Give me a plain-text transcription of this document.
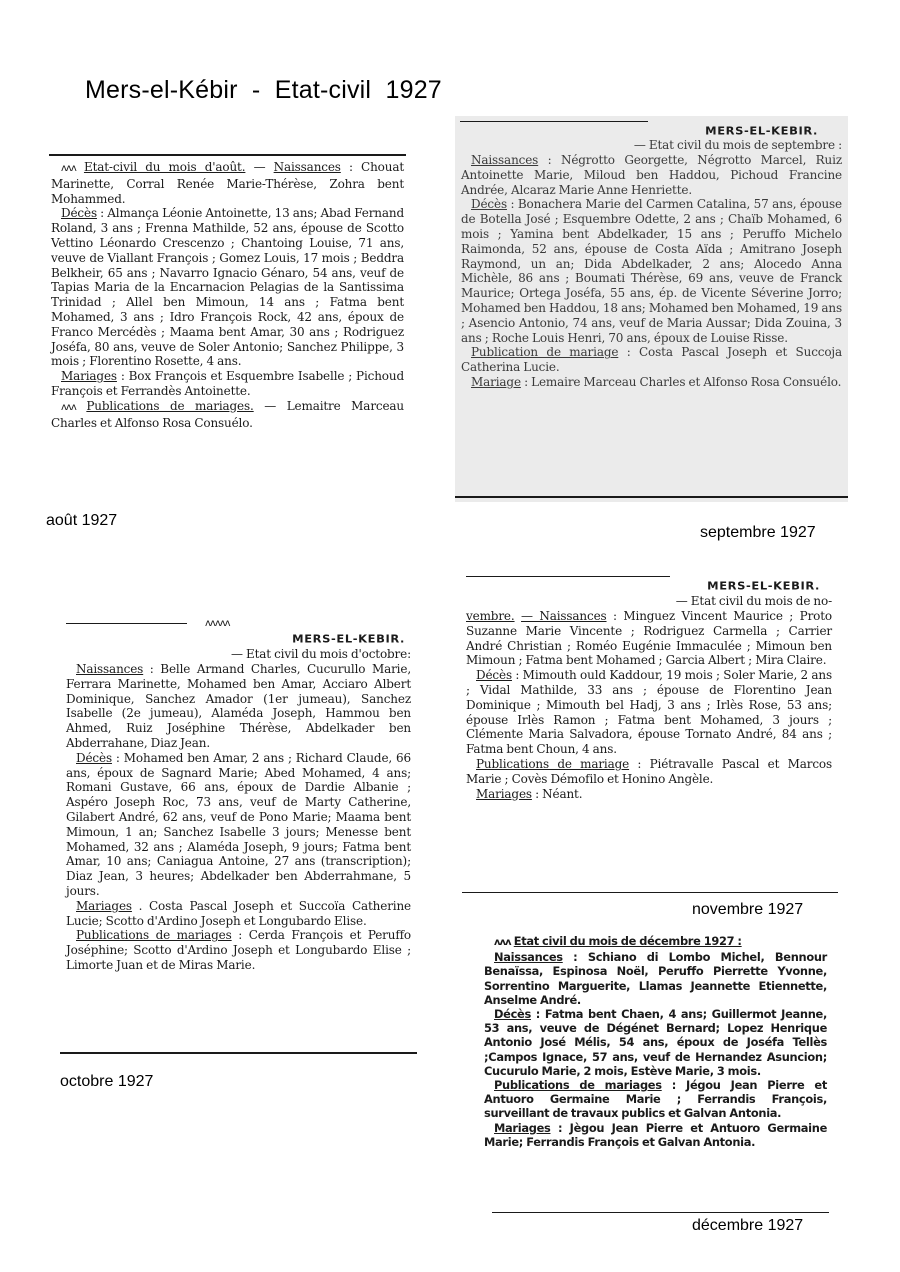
Mers-el-Kébir  -  Etat-civil  1927

ʌʌʌ Etat-civil du mois d'août. — Naissances : Chouat Marinette, Corral Renée Marie-Thérèse, Zohra bent Mohammed.

Décès : Almança Léonie Antoinette, 13 ans; Abad Fernand Roland, 3 ans ; Frenna Mathilde, 52 ans, épouse de Scotto Vettino Léonardo Crescenzo ; Chantoing Louise, 71 ans, veuve de Viallant François ; Gomez Louis, 17 mois ; Beddra Belkheir, 65 ans ; Navarro Ignacio Génaro, 54 ans, veuf de Tapias Maria de la Encarnacion Pelagias de la Santissima Trinidad ; Allel ben Mimoun, 14 ans ; Fatma bent Mohamed, 3 ans ; Idro François Rock, 42 ans, époux de Franco Mercédès ; Maama bent Amar, 30 ans ; Rodriguez Joséfa, 80 ans, veuve de Soler Antonio; Sanchez Philippe, 3 mois ; Florentino Rosette, 4 ans.

Mariages : Box François et Esquembre Isabelle ; Pichoud François et Ferrandès Antoinette.

ʌʌʌ Publications de mariages. — Lemaitre Marceau Charles et Alfonso Rosa Consuélo.

août 1927
MERS-EL-KEBIR.
— Etat civil du mois de septembre :

Naissances : Négrotto Georgette, Négrotto Marcel, Ruiz Antoinette Marie, Miloud ben Haddou, Pichoud Francine Andrée, Alcaraz Marie Anne Henriette.

Décès : Bonachera Marie del Carmen Catalina, 57 ans, épouse de Botella José ; Esquembre Odette, 2 ans ; Chaïb Mohamed, 6 mois ; Yamina bent Abdelkader, 15 ans ; Peruffo Michelo Raimonda, 52 ans, épouse de Costa Aïda ; Amitrano Joseph Raymond, un an; Dida Abdelkader, 2 ans; Alocedo Anna Michèle, 86 ans ; Boumati Thérèse, 69 ans, veuve de Franck Maurice; Ortega Joséfa, 55 ans, ép. de Vicente Séverine Jorro; Mohamed ben Haddou, 18 ans; Mohamed ben Mohamed, 19 ans ; Asencio Antonio, 74 ans, veuf de Maria Aussar; Dida Zouina, 3 ans ; Roche Louis Henri, 70 ans, époux de Louise Risse.

Publication de mariage : Costa Pascal Joseph et Succoja Catherina Lucie.

Mariage : Lemaire Marceau Charles et Alfonso Rosa Consuélo.

septembre 1927
ʌʌʌʌʌ
MERS-EL-KEBIR.
— Etat civil du mois d'octobre:

Naissances : Belle Armand Charles, Cucurullo Marie, Ferrara Marinette, Mohamed ben Amar, Acciaro Albert Dominique, Sanchez Amador (1er jumeau), Sanchez Isabelle (2e jumeau), Alaméda Joseph, Hammou ben Ahmed, Ruiz Joséphine Thérèse, Abdelkader ben Abderrahane, Diaz Jean.

Décès : Mohamed ben Amar, 2 ans ; Richard Claude, 66 ans, époux de Sagnard Marie; Abed Mohamed, 4 ans; Romani Gustave, 66 ans, époux de Dardie Albanie ; Aspéro Joseph Roc, 73 ans, veuf de Marty Catherine, Gilabert André, 62 ans, veuf de Pono Marie; Maama bent Mimoun, 1 an; Sanchez Isabelle 3 jours; Menesse bent Mohamed, 32 ans ; Alaméda Joseph, 9 jours; Fatma bent Amar, 10 ans; Caniagua Antoine, 27 ans (transcription); Diaz Jean, 3 heures; Abdelkader ben Abderrahmane, 5 jours.

Mariages . Costa Pascal Joseph et Succoïa Catherine Lucie; Scotto d'Ardino Joseph et Longubardo Elise.

Publications de mariages : Cerda François et Peruffo Joséphine; Scotto d'Ardino Joseph et Longubardo Elise ; Limorte Juan et de Miras Marie.

octobre 1927
MERS-EL-KEBIR.
— Etat civil du mois de no-

vembre. — Naissances : Minguez Vincent Maurice ; Proto Suzanne Marie Vincente ; Rodriguez Carmella ; Carrier André Christian ; Roméo Eugénie Immaculée ; Mimoun ben Mimoun ; Fatma bent Mohamed ; Garcia Albert ; Mira Claire.

Décès : Mimouth ould Kaddour, 19 mois ; Soler Marie, 2 ans ; Vidal Mathilde, 33 ans ; épouse de Florentino Jean Dominique ; Mimouth bel Hadj, 3 ans ; Irlès Rose, 53 ans; épouse Irlès Ramon ; Fatma bent Mohamed, 3 jours ; Clémente Maria Salvadora, épouse Tornato André, 84 ans ; Fatma bent Choun, 4 ans.

Publications de mariage : Piétravalle Pascal et Marcos Marie ; Covès Démofilo et Honino Angèle.

Mariages : Néant.

novembre 1927

ʌʌʌ Etat civil du mois de décembre 1927 :

Naissances : Schiano di Lombo Michel, Bennour Benaïssa, Espinosa Noël, Peruffo Pierrette Yvonne, Sorrentino Marguerite, Llamas Jeannette Etiennette, Anselme André.

Décès : Fatma bent Chaen, 4 ans; Guillermot Jeanne, 53 ans, veuve de Dégénet Bernard; Lopez Henrique Antonio José Mélis, 54 ans, époux de Joséfa Tellès ;Campos Ignace, 57 ans, veuf de Hernandez Asuncion; Cucurulo Marie, 2 mois, Estève Marie, 3 mois.

Publications de mariages : Jégou Jean Pierre et Antuoro Germaine Marie ; Ferrandis François, surveillant de travaux publics et Galvan Antonia.

Mariages : Jègou Jean Pierre et Antuoro Germaine Marie; Ferrandis François et Galvan Antonia.

décembre 1927
